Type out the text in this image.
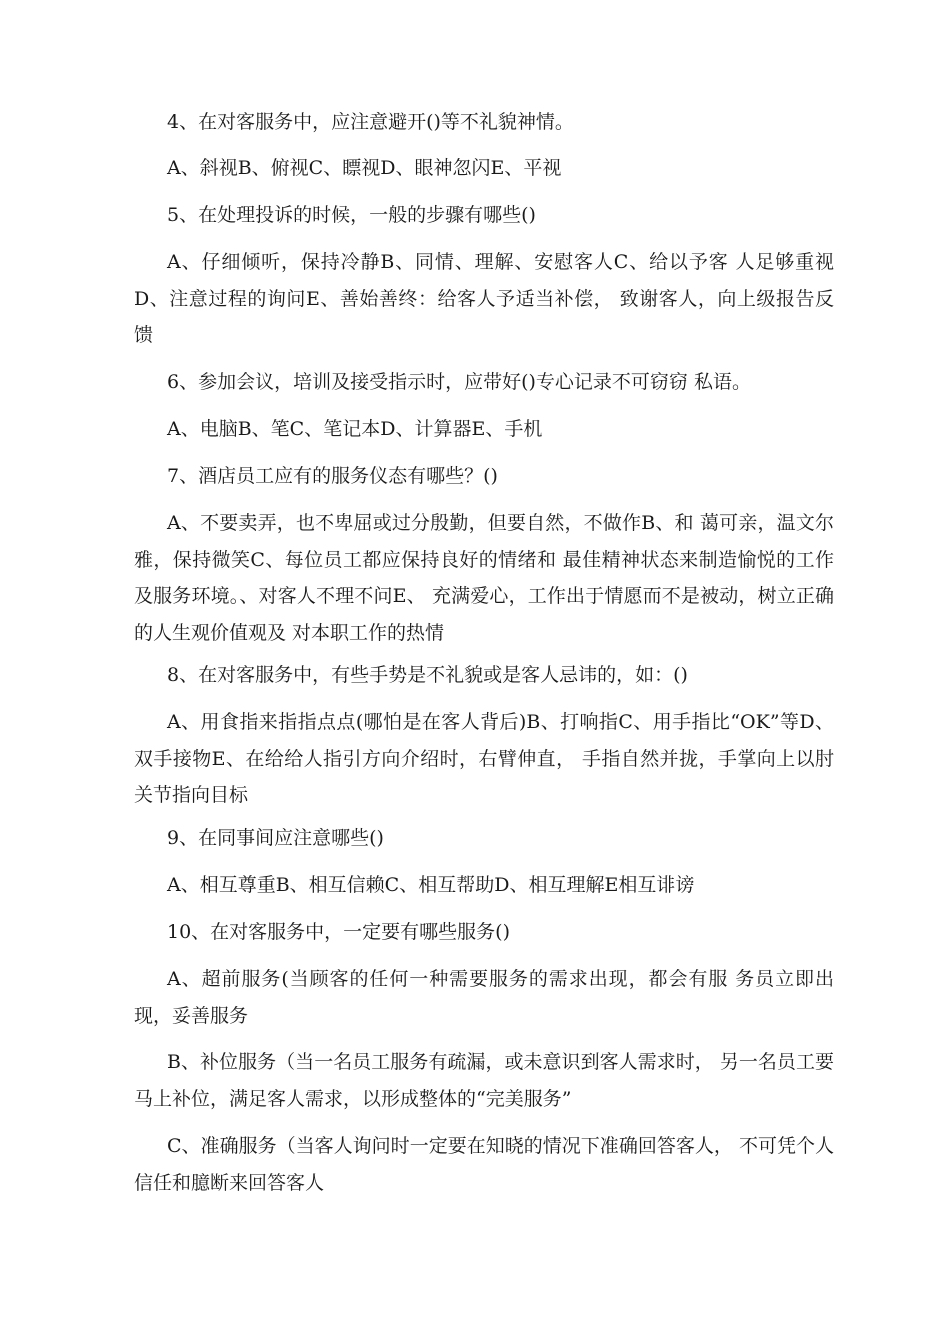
4、在对客服务中，应注意避开()等不礼貌神情。

A、斜视B、俯视C、瞟视D、眼神忽闪E、平视

5、在处理投诉的时候，一般的步骤有哪些()

A、仔细倾听，保持冷静B、同情、理解、安慰客人C、给以予客 人足够重视D、注意过程的询问E、善始善终：给客人予适当补偿， 致谢客人，向上级报告反馈

6、参加会议，培训及接受指示时，应带好()专心记录不可窃窃 私语。

A、电脑B、笔C、笔记本D、计算器E、手机

7、酒店员工应有的服务仪态有哪些？()

A、不要卖弄，也不卑屈或过分殷勤，但要自然，不做作B、和 蔼可亲，温文尔雅，保持微笑C、每位员工都应保持良好的情绪和 最佳精神状态来制造愉悦的工作及服务环境。、对客人不理不问E、 充满爱心，工作出于情愿而不是被动，树立正确的人生观价值观及 对本职工作的热情

8、在对客服务中，有些手势是不礼貌或是客人忌讳的，如：()

A、用食指来指指点点(哪怕是在客人背后)B、打响指C、用手指比“OK”等D、双手接物E、在给给人指引方向介绍时，右臂伸直， 手指自然并拢，手掌向上以肘关节指向目标

9、在同事间应注意哪些()

A、相互尊重B、相互信赖C、相互帮助D、相互理解E相互诽谤

10、在对客服务中，一定要有哪些服务()

A、超前服务(当顾客的任何一种需要服务的需求出现，都会有服 务员立即出现，妥善服务

B、补位服务（当一名员工服务有疏漏，或未意识到客人需求时， 另一名员工要马上补位，满足客人需求，以形成整体的“完美服务”

C、准确服务（当客人询问时一定要在知晓的情况下准确回答客人， 不可凭个人信任和臆断来回答客人
